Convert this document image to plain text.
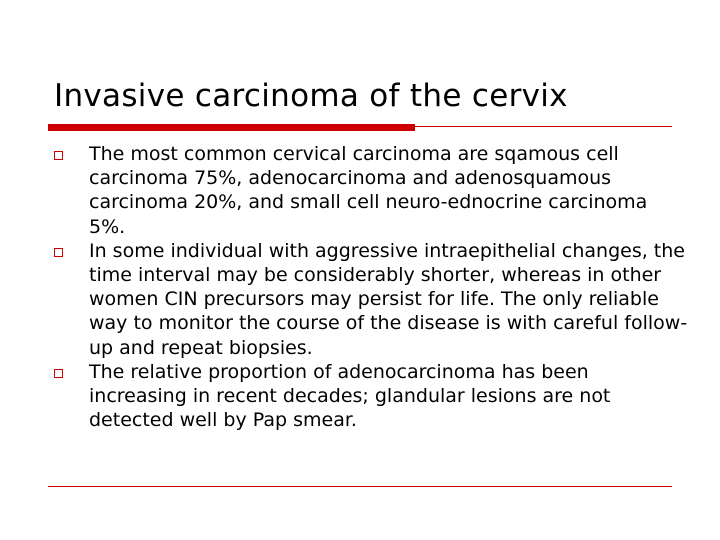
Invasive carcinoma of the cervix
The most common cervical carcinoma are sqamous cell carcinoma 75%, adenocarcinoma and adenosquamous carcinoma 20%, and small cell neuro-ednocrine carcinoma 5%.
In some individual with aggressive intraepithelial changes, the time interval may be considerably shorter, whereas in other women CIN precursors may persist for life. The only reliable way to monitor the course of the disease is with careful follow-up and repeat biopsies.
The relative proportion of adenocarcinoma has been increasing in recent decades; glandular lesions are not detected well by Pap smear.
